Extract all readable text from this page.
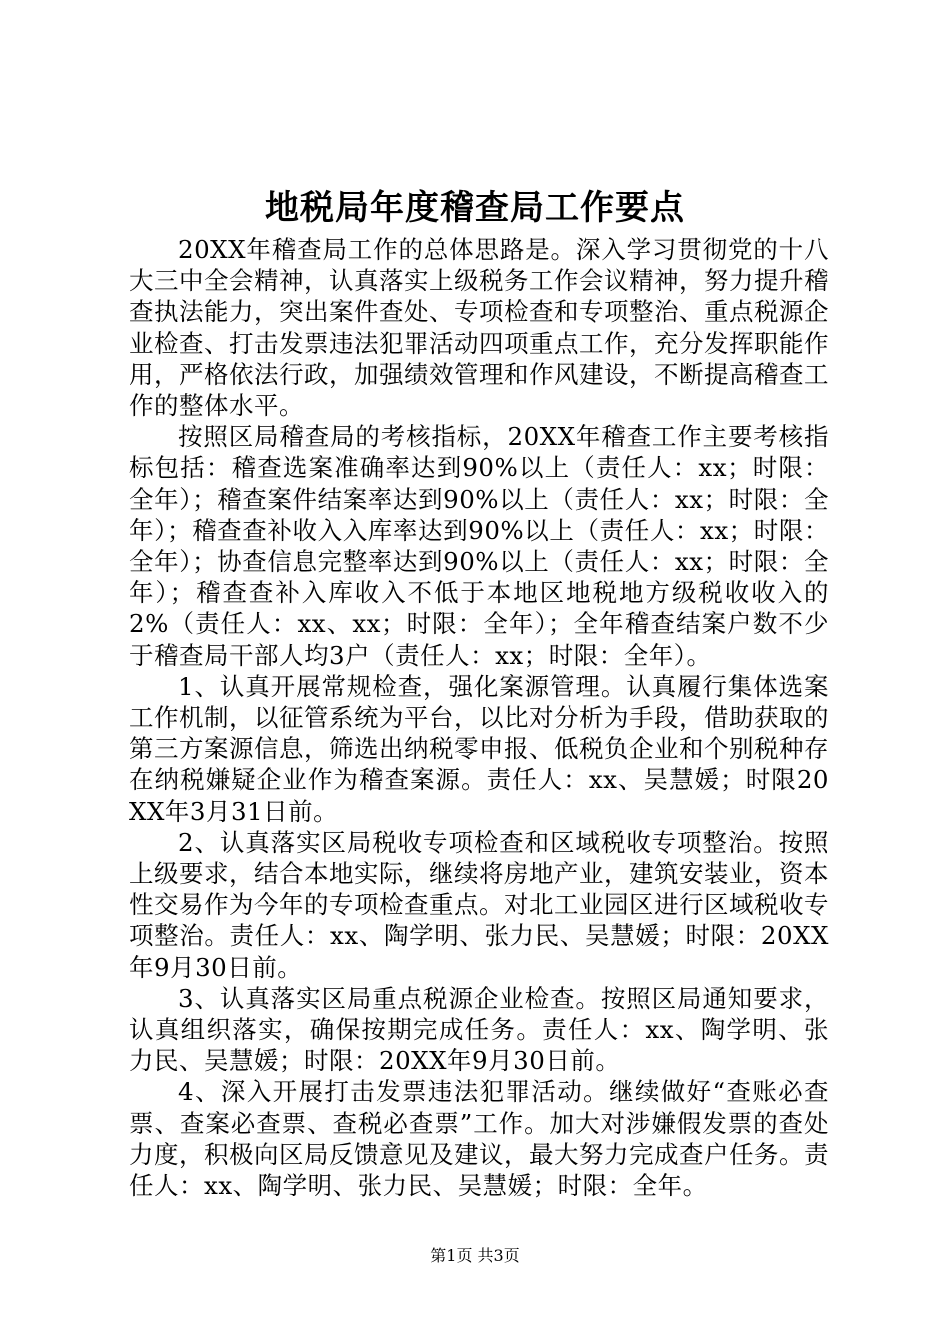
地税局年度稽查局工作要点

20XX年稽查局工作的总体思路是。深入学习贯彻党的十八大三中全会精神，认真落实上级税务工作会议精神，努力提升稽查执法能力，突出案件查处、专项检查和专项整治、重点税源企业检查、打击发票违法犯罪活动四项重点工作，充分发挥职能作用，严格依法行政，加强绩效管理和作风建设，不断提高稽查工作的整体水平。

按照区局稽查局的考核指标，20XX年稽查工作主要考核指标包括：稽查选案准确率达到90%以上（责任人：xx；时限：全年）；稽查案件结案率达到90%以上（责任人：xx；时限：全年）；稽查查补收入入库率达到90%以上（责任人：xx；时限：全年）；协查信息完整率达到90%以上（责任人：xx；时限：全年）；稽查查补入库收入不低于本地区地税地方级税收收入的2%（责任人：xx、xx；时限：全年）；全年稽查结案户数不少于稽查局干部人均3户（责任人：xx；时限：全年）。

1、认真开展常规检查，强化案源管理。认真履行集体选案工作机制，以征管系统为平台，以比对分析为手段，借助获取的第三方案源信息，筛选出纳税零申报、低税负企业和个别税种存在纳税嫌疑企业作为稽查案源。责任人：xx、吴慧媛；时限20XX年3月31日前。

2、认真落实区局税收专项检查和区域税收专项整治。按照上级要求，结合本地实际，继续将房地产业，建筑安装业，资本性交易作为今年的专项检查重点。对北工业园区进行区域税收专项整治。责任人：xx、陶学明、张力民、吴慧媛；时限：20XX年9月30日前。

3、认真落实区局重点税源企业检查。按照区局通知要求，认真组织落实，确保按期完成任务。责任人：xx、陶学明、张力民、吴慧媛；时限：20XX年9月30日前。

4、深入开展打击发票违法犯罪活动。继续做好“查账必查票、查案必查票、查税必查票”工作。加大对涉嫌假发票的查处力度，积极向区局反馈意见及建议，最大努力完成查户任务。责任人：xx、陶学明、张力民、吴慧媛；时限：全年。

第1页 共3页
